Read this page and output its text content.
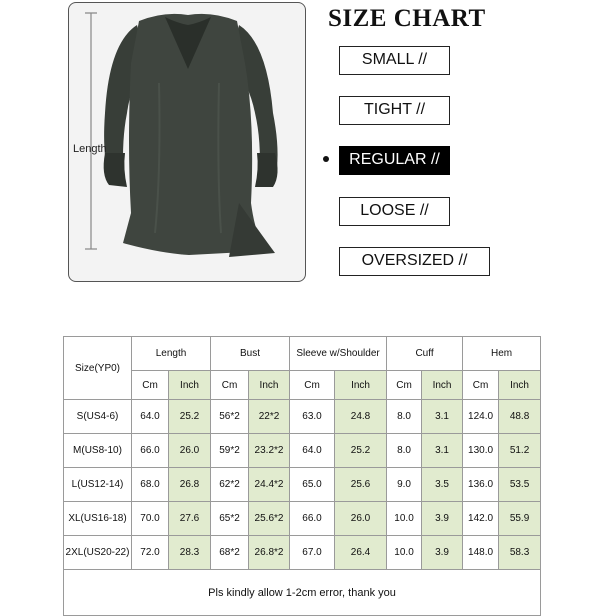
Length
SIZE CHART
SMALL //
TIGHT //
REGULAR //
LOOSE //
OVERSIZED //
Size(YP0)	Length		Bust		Sleeve w/Shoulder		Cuff		Hem	
	Cm	Inch	Cm	Inch	Cm	Inch	Cm	Inch	Cm	Inch
S(US4-6)	64.0	25.2	56*2	22*2	63.0	24.8	8.0	3.1	124.0	48.8
M(US8-10)	66.0	26.0	59*2	23.2*2	64.0	25.2	8.0	3.1	130.0	51.2
L(US12-14)	68.0	26.8	62*2	24.4*2	65.0	25.6	9.0	3.5	136.0	53.5
XL(US16-18)	70.0	27.6	65*2	25.6*2	66.0	26.0	10.0	3.9	142.0	55.9
2XL(US20-22)	72.0	28.3	68*2	26.8*2	67.0	26.4	10.0	3.9	148.0	58.3
Pls kindly allow 1-2cm error, thank you										
